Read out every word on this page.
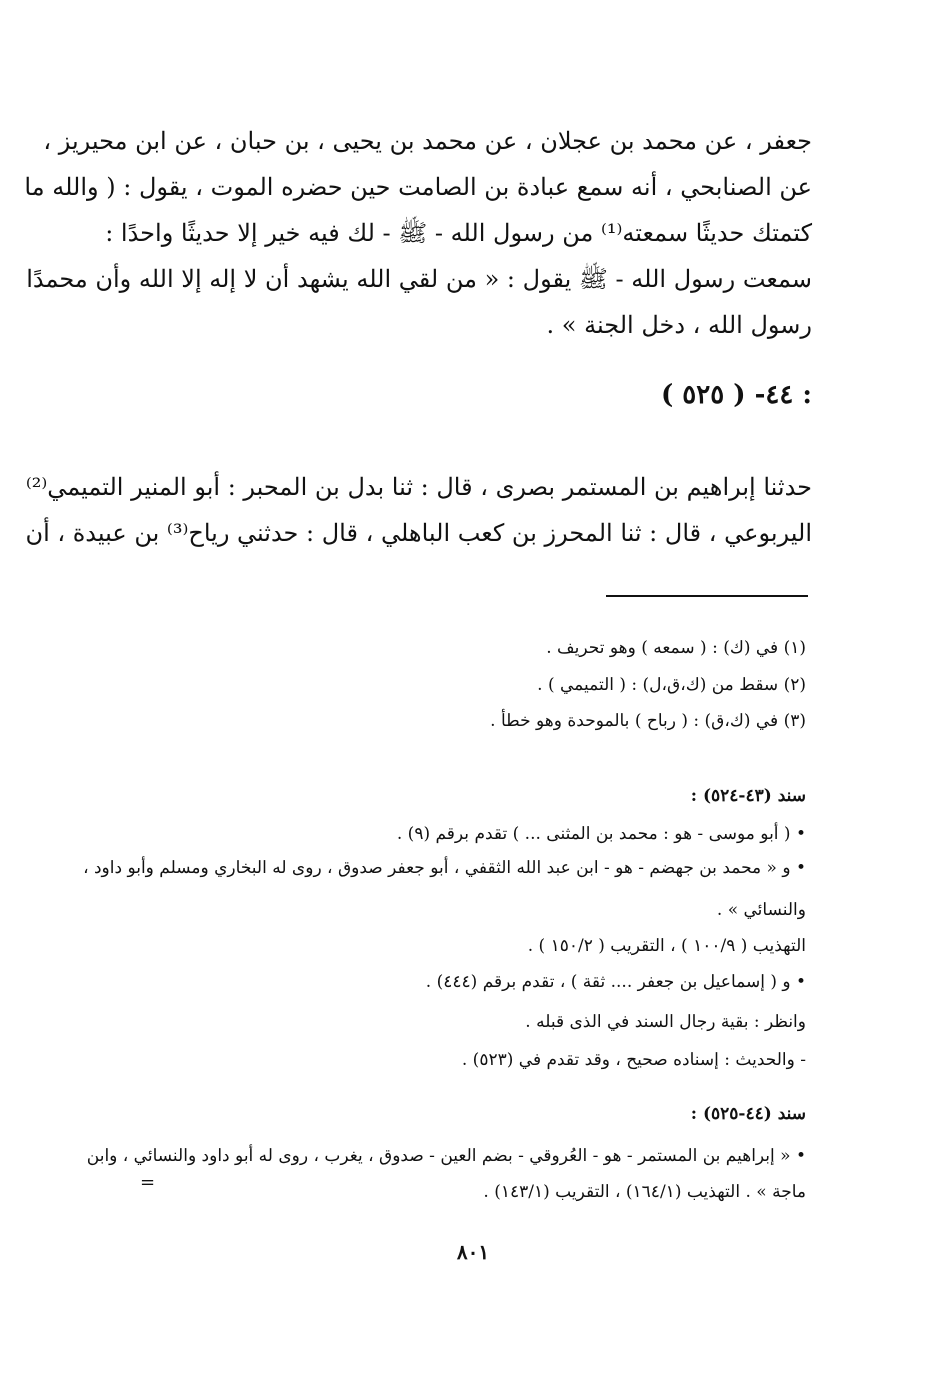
جعفر ، عن محمد بن عجلان ، عن محمد بن يحيى ، بن حبان ، عن ابن محيريز ،
عن الصنابحي ، أنه سمع عبادة بن الصامت حين حضره الموت ، يقول : ( والله ما
كتمتك حديثًا سمعته⁽¹⁾ من رسول الله - ﷺ - لك فيه خير إلا حديثًا واحدًا :
سمعت رسول الله - ﷺ يقول : « من لقي الله يشهد أن لا إله إلا الله وأن محمدًا
رسول الله ، دخل الجنة » .
٤٤- ( ٥٢٥ ) :
حدثنا إبراهيم بن المستمر بصرى ، قال : ثنا بدل بن المحبر : أبو المنير التميمي⁽²⁾
اليربوعي ، قال : ثنا المحرز بن كعب الباهلي ، قال : حدثني رياح⁽³⁾ بن عبيدة ، أن
(١) في (ك) : ( سمعه ) وهو تحريف .
(٢) سقط من (ك،ق،ل) : ( التميمي ) .
(٣) في (ك،ق) : ( رباح ) بالموحدة وهو خطأ .
سند (٤٣-٥٢٤) :
• ( أبو موسى - هو : محمد بن المثنى ... ) تقدم برقم (٩) .
• و « محمد بن جهضم - هو - ابن عبد الله الثقفي ، أبو جعفر صدوق ، روى له البخاري ومسلم وأبو داود ،
والنسائي » .
التهذيب ( ١٠٠/٩ ) ، التقريب ( ١٥٠/٢ ) .
• و ( إسماعيل بن جعفر .... ثقة ) ، تقدم برقم (٤٤٤) .
وانظر : بقية رجال السند في الذى قبله .
- والحديث : إسناده صحيح ، وقد تقدم في (٥٢٣) .
سند (٤٤-٥٢٥) :
• « إبراهيم بن المستمر - هو - العُروقي - بضم العين - صدوق ، يغرب ، روى له أبو داود والنسائي ، وابن
ماجة » . التهذيب (١٦٤/١) ، التقريب (١٤٣/١) .
=
٨٠١
